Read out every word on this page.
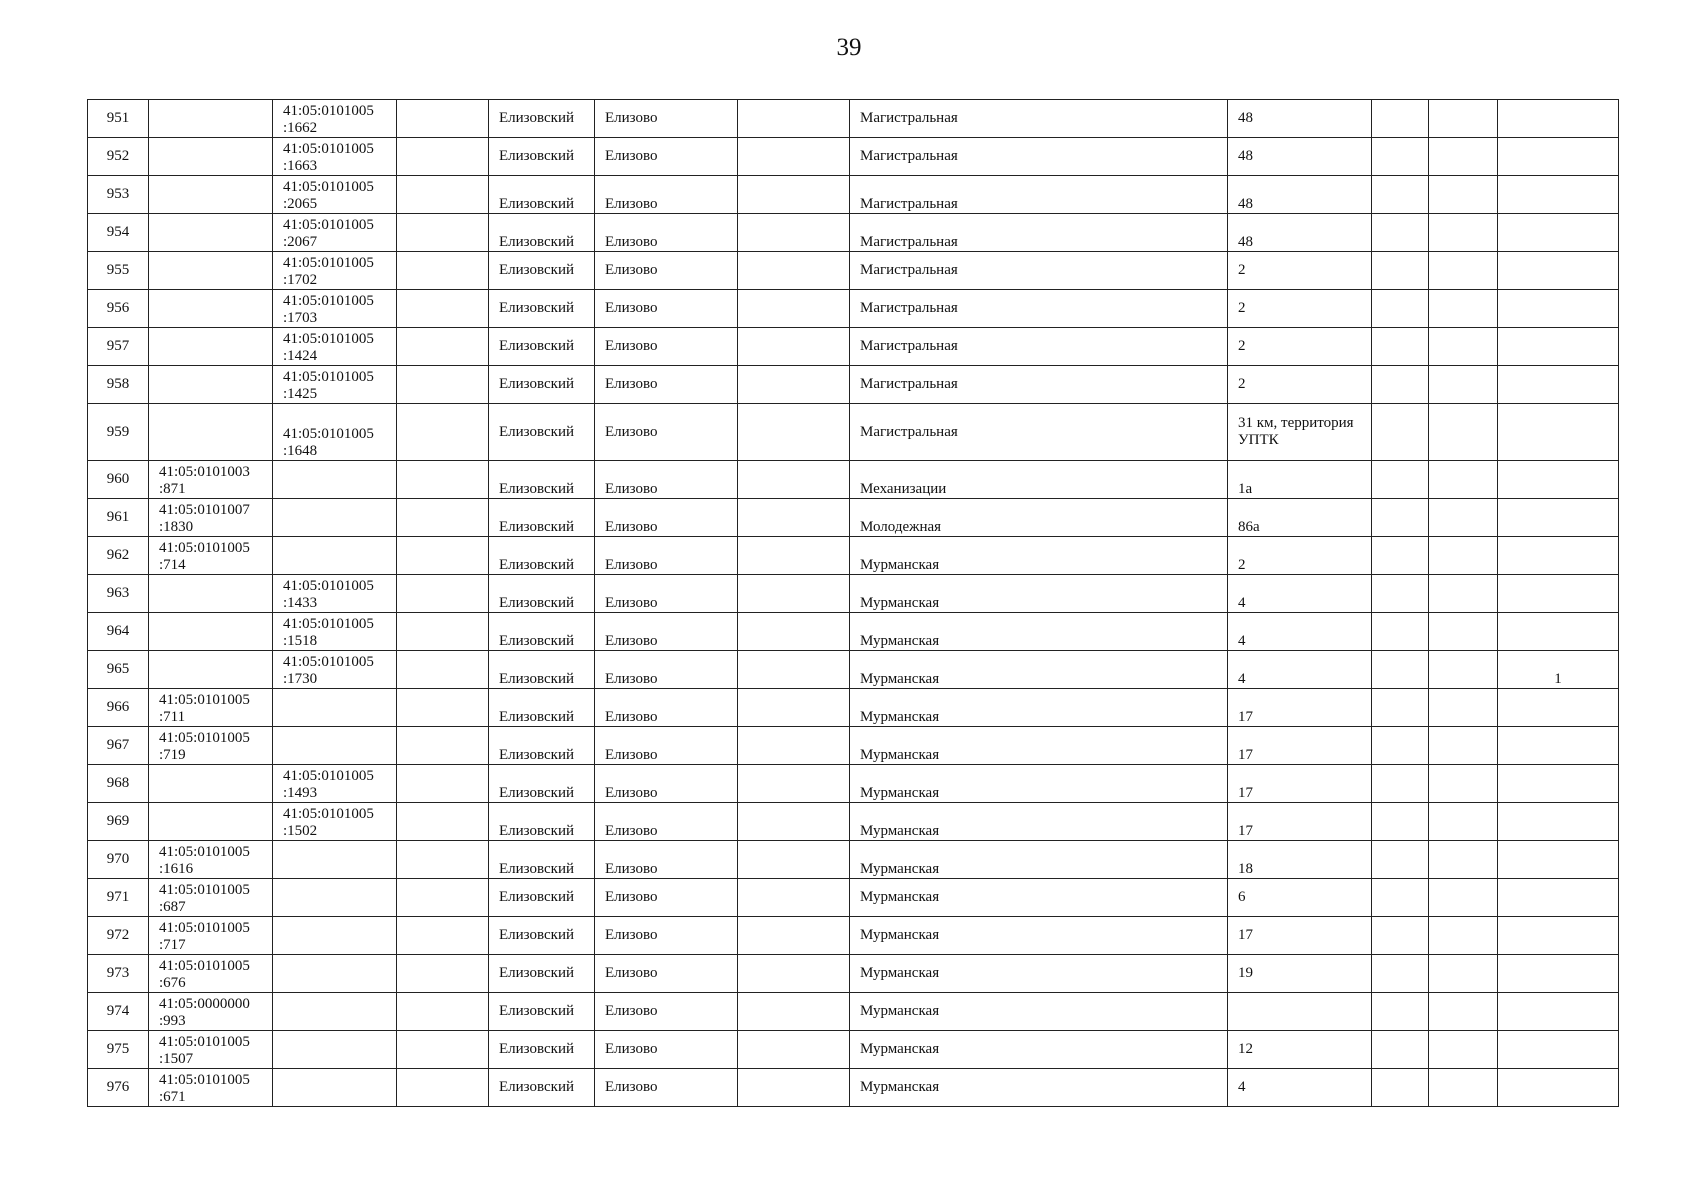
39
951		41:05:0101005 :1662		Елизовский	Елизово		Магистральная	48			
952		41:05:0101005 :1663		Елизовский	Елизово		Магистральная	48			
953		41:05:0101005 :2065		Елизовский	Елизово		Магистральная	48			
954		41:05:0101005 :2067		Елизовский	Елизово		Магистральная	48			
955		41:05:0101005 :1702		Елизовский	Елизово		Магистральная	2			
956		41:05:0101005 :1703		Елизовский	Елизово		Магистральная	2			
957		41:05:0101005 :1424		Елизовский	Елизово		Магистральная	2			
958		41:05:0101005 :1425		Елизовский	Елизово		Магистральная	2			
959		41:05:0101005 :1648		Елизовский	Елизово		Магистральная	31 км, территория УПТК			
960	41:05:0101003 :871			Елизовский	Елизово		Механизации	1а			
961	41:05:0101007 :1830			Елизовский	Елизово		Молодежная	86а			
962	41:05:0101005 :714			Елизовский	Елизово		Мурманская	2			
963		41:05:0101005 :1433		Елизовский	Елизово		Мурманская	4			
964		41:05:0101005 :1518		Елизовский	Елизово		Мурманская	4			
965		41:05:0101005 :1730		Елизовский	Елизово		Мурманская	4			1
966	41:05:0101005 :711			Елизовский	Елизово		Мурманская	17			
967	41:05:0101005 :719			Елизовский	Елизово		Мурманская	17			
968		41:05:0101005 :1493		Елизовский	Елизово		Мурманская	17			
969		41:05:0101005 :1502		Елизовский	Елизово		Мурманская	17			
970	41:05:0101005 :1616			Елизовский	Елизово		Мурманская	18			
971	41:05:0101005 :687			Елизовский	Елизово		Мурманская	6			
972	41:05:0101005 :717			Елизовский	Елизово		Мурманская	17			
973	41:05:0101005 :676			Елизовский	Елизово		Мурманская	19			
974	41:05:0000000 :993			Елизовский	Елизово		Мурманская				
975	41:05:0101005 :1507			Елизовский	Елизово		Мурманская	12			
976	41:05:0101005 :671			Елизовский	Елизово		Мурманская	4			
